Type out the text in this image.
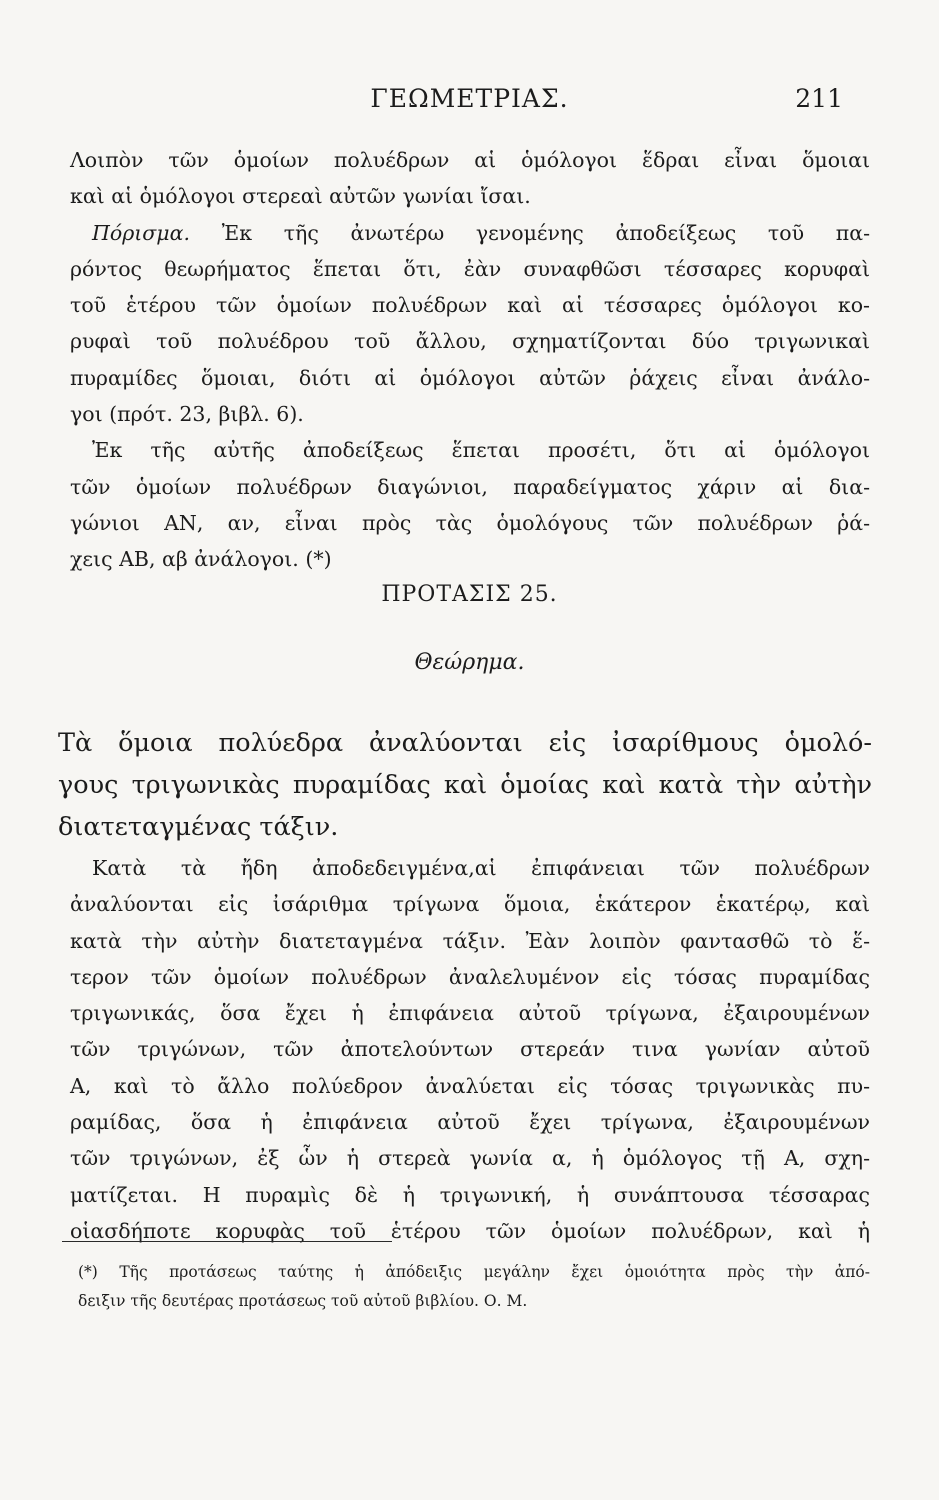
ΓΕΩΜΕΤΡΙΑΣ.	211
Λοιπὸν τῶν ὁμοίων πολυέδρων αἱ ὁμόλογοι ἕδραι εἶναι ὅμοιαι
καὶ αἱ ὁμόλογοι στερεαὶ αὐτῶν γωνίαι ἴσαι.
Πόρισμα. Ἐκ τῆς ἀνωτέρω γενομένης ἀποδείξεως τοῦ πα-
ρόντος θεωρήματος ἕπεται ὅτι, ἐὰν συναφθῶσι τέσσαρες κορυφαὶ
τοῦ ἑτέρου τῶν ὁμοίων πολυέδρων καὶ αἱ τέσσαρες ὁμόλογοι κο-
ρυφαὶ τοῦ πολυέδρου τοῦ ἄλλου, σχηματίζονται δύο τριγωνικαὶ
πυραμίδες ὅμοιαι, διότι αἱ ὁμόλογοι αὐτῶν ῥάχεις εἶναι ἀνάλο-
γοι (πρότ. 23, βιβλ. 6).
Ἐκ τῆς αὐτῆς ἀποδείξεως ἕπεται προσέτι, ὅτι αἱ ὁμόλογοι
τῶν ὁμοίων πολυέδρων διαγώνιοι, παραδείγματος χάριν αἱ δια-
γώνιοι ΑΝ, αν, εἶναι πρὸς τὰς ὁμολόγους τῶν πολυέδρων ῥά-
χεις ΑΒ, αβ ἀνάλογοι. (*)
ΠΡΟΤΑΣΙΣ 25.
Θεώρημα.
Τὰ ὅμοια πολύεδρα ἀναλύονται εἰς ἰσαρίθμους ὁμολό-
γους τριγωνικὰς πυραμίδας καὶ ὁμοίας καὶ κατὰ τὴν αὐτὴν
διατεταγμένας τάξιν.
Κατὰ τὰ ἤδη ἀποδεδειγμένα,αἱ ἐπιφάνειαι τῶν πολυέδρων
ἀναλύονται εἰς ἰσάριθμα τρίγωνα ὅμοια, ἑκάτερον ἑκατέρῳ, καὶ
κατὰ τὴν αὐτὴν διατεταγμένα τάξιν. Ἐὰν λοιπὸν φαντασθῶ τὸ ἕ-
τερον τῶν ὁμοίων πολυέδρων ἀναλελυμένον εἰς τόσας πυραμίδας
τριγωνικάς, ὅσα ἔχει ἡ ἐπιφάνεια αὐτοῦ τρίγωνα, ἐξαιρουμένων
τῶν τριγώνων, τῶν ἀποτελούντων στερεάν τινα γωνίαν αὐτοῦ
Α, καὶ τὸ ἄλλο πολύεδρον ἀναλύεται εἰς τόσας τριγωνικὰς πυ-
ραμίδας, ὅσα ἡ ἐπιφάνεια αὐτοῦ ἔχει τρίγωνα, ἐξαιρουμένων
τῶν τριγώνων, ἐξ ὧν ἡ στερεὰ γωνία α, ἡ ὁμόλογος τῇ Α, σχη-
ματίζεται. Η πυραμὶς δὲ ἡ τριγωνική, ἡ συνάπτουσα τέσσαρας
οἱασδήποτε κορυφὰς τοῦ ἑτέρου τῶν ὁμοίων πολυέδρων, καὶ ἡ
(*) Τῆς προτάσεως ταύτης ἡ ἀπόδειξις μεγάλην ἔχει ὁμοιότητα πρὸς τὴν ἀπό-
δειξιν τῆς δευτέρας προτάσεως τοῦ αὐτοῦ βιβλίου. Ο. Μ.
